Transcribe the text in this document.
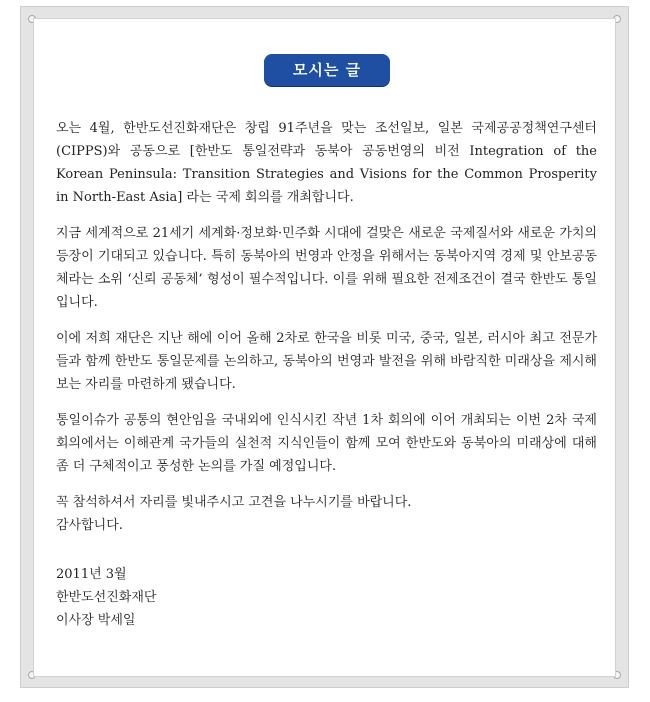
모시는 글

오는 4월, 한반도선진화재단은 창립 91주년을 맞는 조선일보, 일본 국제공공정책연구센터(CIPPS)와 공동으로 [한반도 통일전략과 동북아 공동번영의 비전 Integration of the Korean Peninsula: Transition Strategies and Visions for the Common Prosperity in North-East Asia] 라는 국제 회의를 개최합니다.

지금 세계적으로 21세기 세계화·정보화·민주화 시대에 걸맞은 새로운 국제질서와 새로운 가치의 등장이 기대되고 있습니다. 특히 동북아의 번영과 안정을 위해서는 동북아지역 경제 및 안보공동체라는 소위 ‘신뢰 공동체’ 형성이 필수적입니다. 이를 위해 필요한 전제조건이 결국 한반도 통일입니다.

이에 저희 재단은 지난 해에 이어 올해 2차로 한국을 비롯 미국, 중국, 일본, 러시아 최고 전문가들과 함께 한반도 통일문제를 논의하고, 동북아의 번영과 발전을 위해 바람직한 미래상을 제시해보는 자리를 마련하게 됐습니다.

통일이슈가 공통의 현안임을 국내외에 인식시킨 작년 1차 회의에 이어 개최되는 이번 2차 국제회의에서는 이해관계 국가들의 실천적 지식인들이 함께 모여 한반도와 동북아의 미래상에 대해 좀 더 구체적이고 풍성한 논의를 가질 예정입니다.

꼭 참석하셔서 자리를 빛내주시고 고견을 나누시기를 바랍니다.
감사합니다.

2011년 3월
한반도선진화재단
이사장 박세일
